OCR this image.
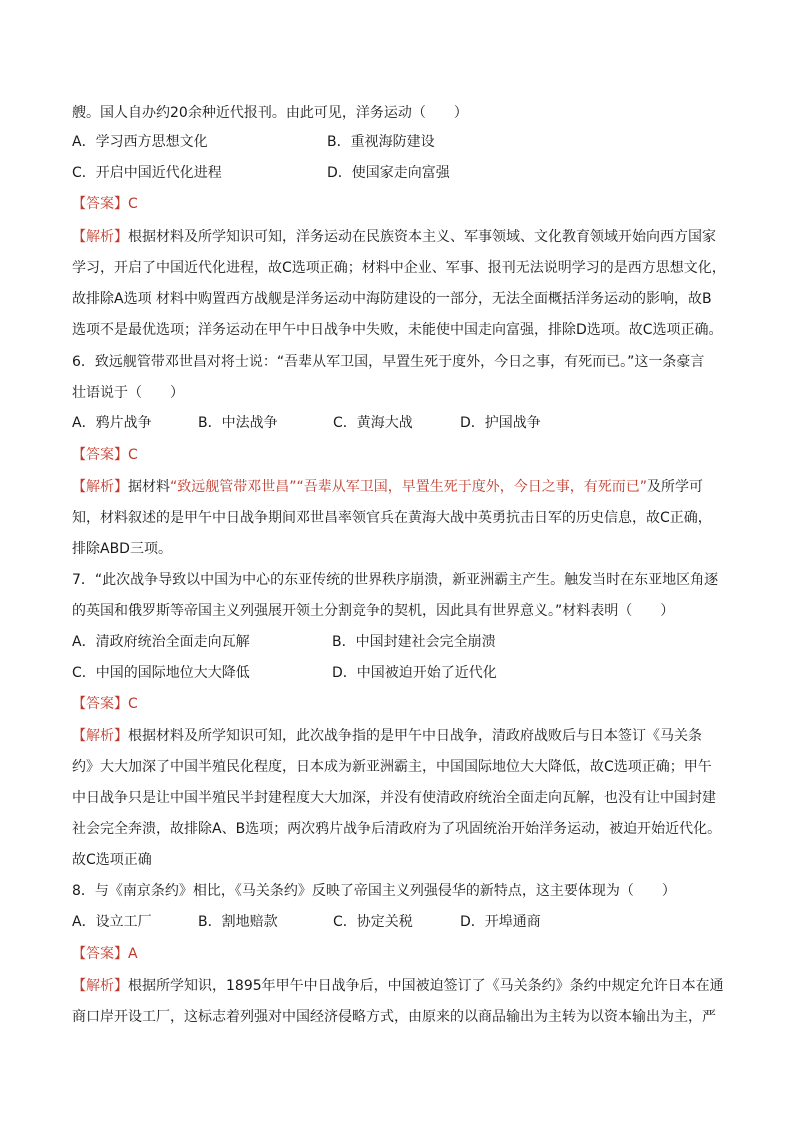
艘。国人自办约20余种近代报刊。由此可见，洋务运动（　　）
A．学习西方思想文化	B．重视海防建设
C．开启中国近代化进程	D．使国家走向富强
【答案】C
【解析】根据材料及所学知识可知，洋务运动在民族资本主义、军事领域、文化教育领域开始向西方国家
学习，开启了中国近代化进程，故C选项正确；材料中企业、军事、报刊无法说明学习的是西方思想文化，
故排除A选项 材料中购置西方战舰是洋务运动中海防建设的一部分，无法全面概括洋务运动的影响，故B
选项不是最优选项；洋务运动在甲午中日战争中失败，未能使中国走向富强，排除D选项。故C选项正确。
6．致远舰管带邓世昌对将士说：“吾辈从军卫国，早置生死于度外，今日之事，有死而已。”这一条豪言
壮语说于（　　）
A．鸦片战争	B．中法战争	C．黄海大战	D．护国战争
【答案】C
【解析】据材料“致远舰管带邓世昌”“吾辈从军卫国，早置生死于度外，今日之事，有死而已”及所学可
知，材料叙述的是甲午中日战争期间邓世昌率领官兵在黄海大战中英勇抗击日军的历史信息，故C正确，
排除ABD三项。
7．“此次战争导致以中国为中心的东亚传统的世界秩序崩溃，新亚洲霸主产生。触发当时在东亚地区角逐
的英国和俄罗斯等帝国主义列强展开领土分割竞争的契机，因此具有世界意义。”材料表明（　　）
A．清政府统治全面走向瓦解	B．中国封建社会完全崩溃
C．中国的国际地位大大降低	D．中国被迫开始了近代化
【答案】C
【解析】根据材料及所学知识可知，此次战争指的是甲午中日战争，清政府战败后与日本签订《马关条
约》大大加深了中国半殖民化程度，日本成为新亚洲霸主，中国国际地位大大降低，故C选项正确；甲午
中日战争只是让中国半殖民半封建程度大大加深，并没有使清政府统治全面走向瓦解，也没有让中国封建
社会完全奔溃，故排除A、B选项；两次鸦片战争后清政府为了巩固统治开始洋务运动，被迫开始近代化。
故C选项正确
8．与《南京条约》相比，《马关条约》反映了帝国主义列强侵华的新特点，这主要体现为（　　）
A．设立工厂	B．割地赔款	C．协定关税	D．开埠通商
【答案】A
【解析】根据所学知识，1895年甲午中日战争后，中国被迫签订了《马关条约》条约中规定允许日本在通
商口岸开设工厂，这标志着列强对中国经济侵略方式，由原来的以商品输出为主转为以资本输出为主，严
